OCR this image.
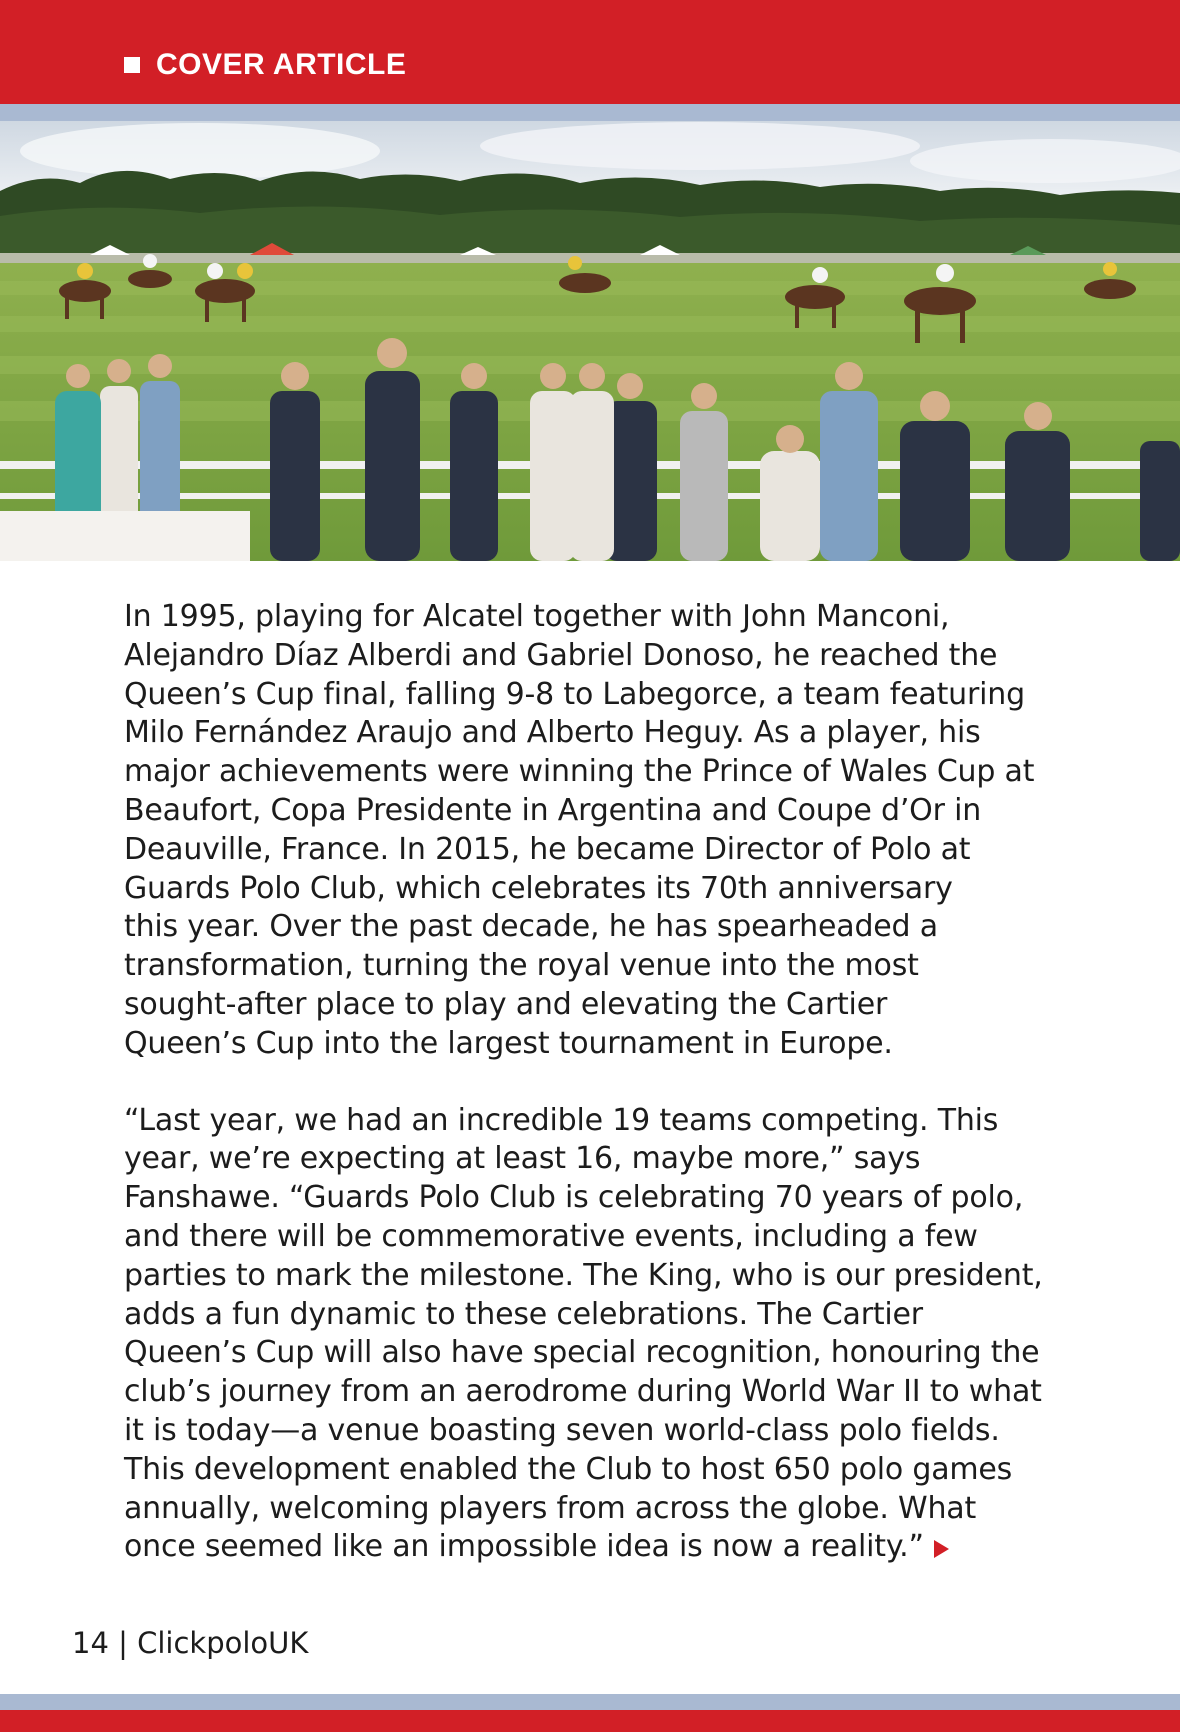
COVER ARTICLE

In 1995, playing for Alcatel together with John Manconi,
Alejandro Díaz Alberdi and Gabriel Donoso, he reached the
Queen’s Cup final, falling 9-8 to Labegorce, a team featuring
Milo Fernández Araujo and Alberto Heguy. As a player, his
major achievements were winning the Prince of Wales Cup at
Beaufort, Copa Presidente in Argentina and Coupe d’Or in
Deauville, France. In 2015, he became Director of Polo at
Guards Polo Club, which celebrates its 70th anniversary
this year. Over the past decade, he has spearheaded a
transformation, turning the royal venue into the most
sought-after place to play and elevating the Cartier
Queen’s Cup into the largest tournament in Europe.

“Last year, we had an incredible 19 teams competing. This
year, we’re expecting at least 16, maybe more,” says
Fanshawe. “Guards Polo Club is celebrating 70 years of polo,
and there will be commemorative events, including a few
parties to mark the milestone. The King, who is our president,
adds a fun dynamic to these celebrations. The Cartier
Queen’s Cup will also have special recognition, honouring the
club’s journey from an aerodrome during World War II to what
it is today—a venue boasting seven world-class polo fields.
This development enabled the Club to host 650 polo games
annually, welcoming players from across the globe. What
once seemed like an impossible idea is now a reality.”

14 | ClickpoloUK
